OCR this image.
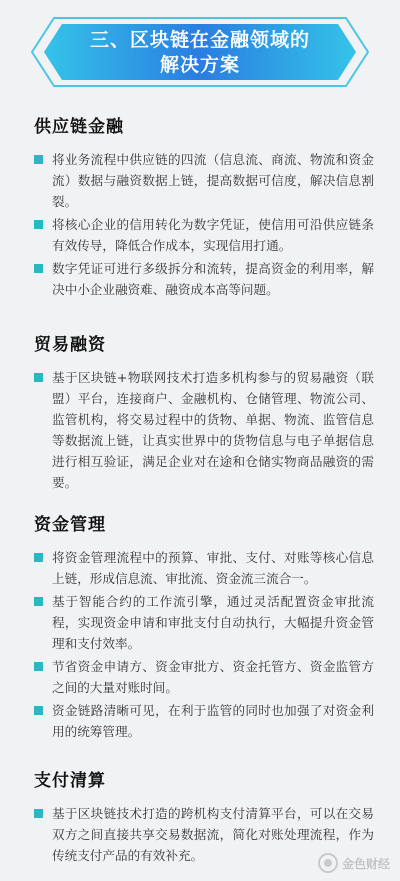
三、区块链在金融领域的
解决方案
供应链金融
将业务流程中供应链的四流（信息流、商流、物流和资金流）数据与融资数据上链，提高数据可信度，解决信息割裂。
将核心企业的信用转化为数字凭证，使信用可沿供应链条有效传导，降低合作成本，实现信用打通。
数字凭证可进行多级拆分和流转，提高资金的利用率，解决中小企业融资难、融资成本高等问题。
贸易融资
基于区块链+物联网技术打造多机构参与的贸易融资（联盟）平台，连接商户、金融机构、仓储管理、物流公司、监管机构，将交易过程中的货物、单据、物流、监管信息等数据流上链，让真实世界中的货物信息与电子单据信息进行相互验证，满足企业对在途和仓储实物商品融资的需要。
资金管理
将资金管理流程中的预算、审批、支付、对账等核心信息上链，形成信息流、审批流、资金流三流合一。
基于智能合约的工作流引擎，通过灵活配置资金审批流程，实现资金申请和审批支付自动执行，大幅提升资金管理和支付效率。
节省资金申请方、资金审批方、资金托管方、资金监管方之间的大量对账时间。
资金链路清晰可见，在利于监管的同时也加强了对资金利用的统筹管理。
支付清算
基于区块链技术打造的跨机构支付清算平台，可以在交易双方之间直接共享交易数据流，简化对账处理流程，作为传统支付产品的有效补充。
金色财经
